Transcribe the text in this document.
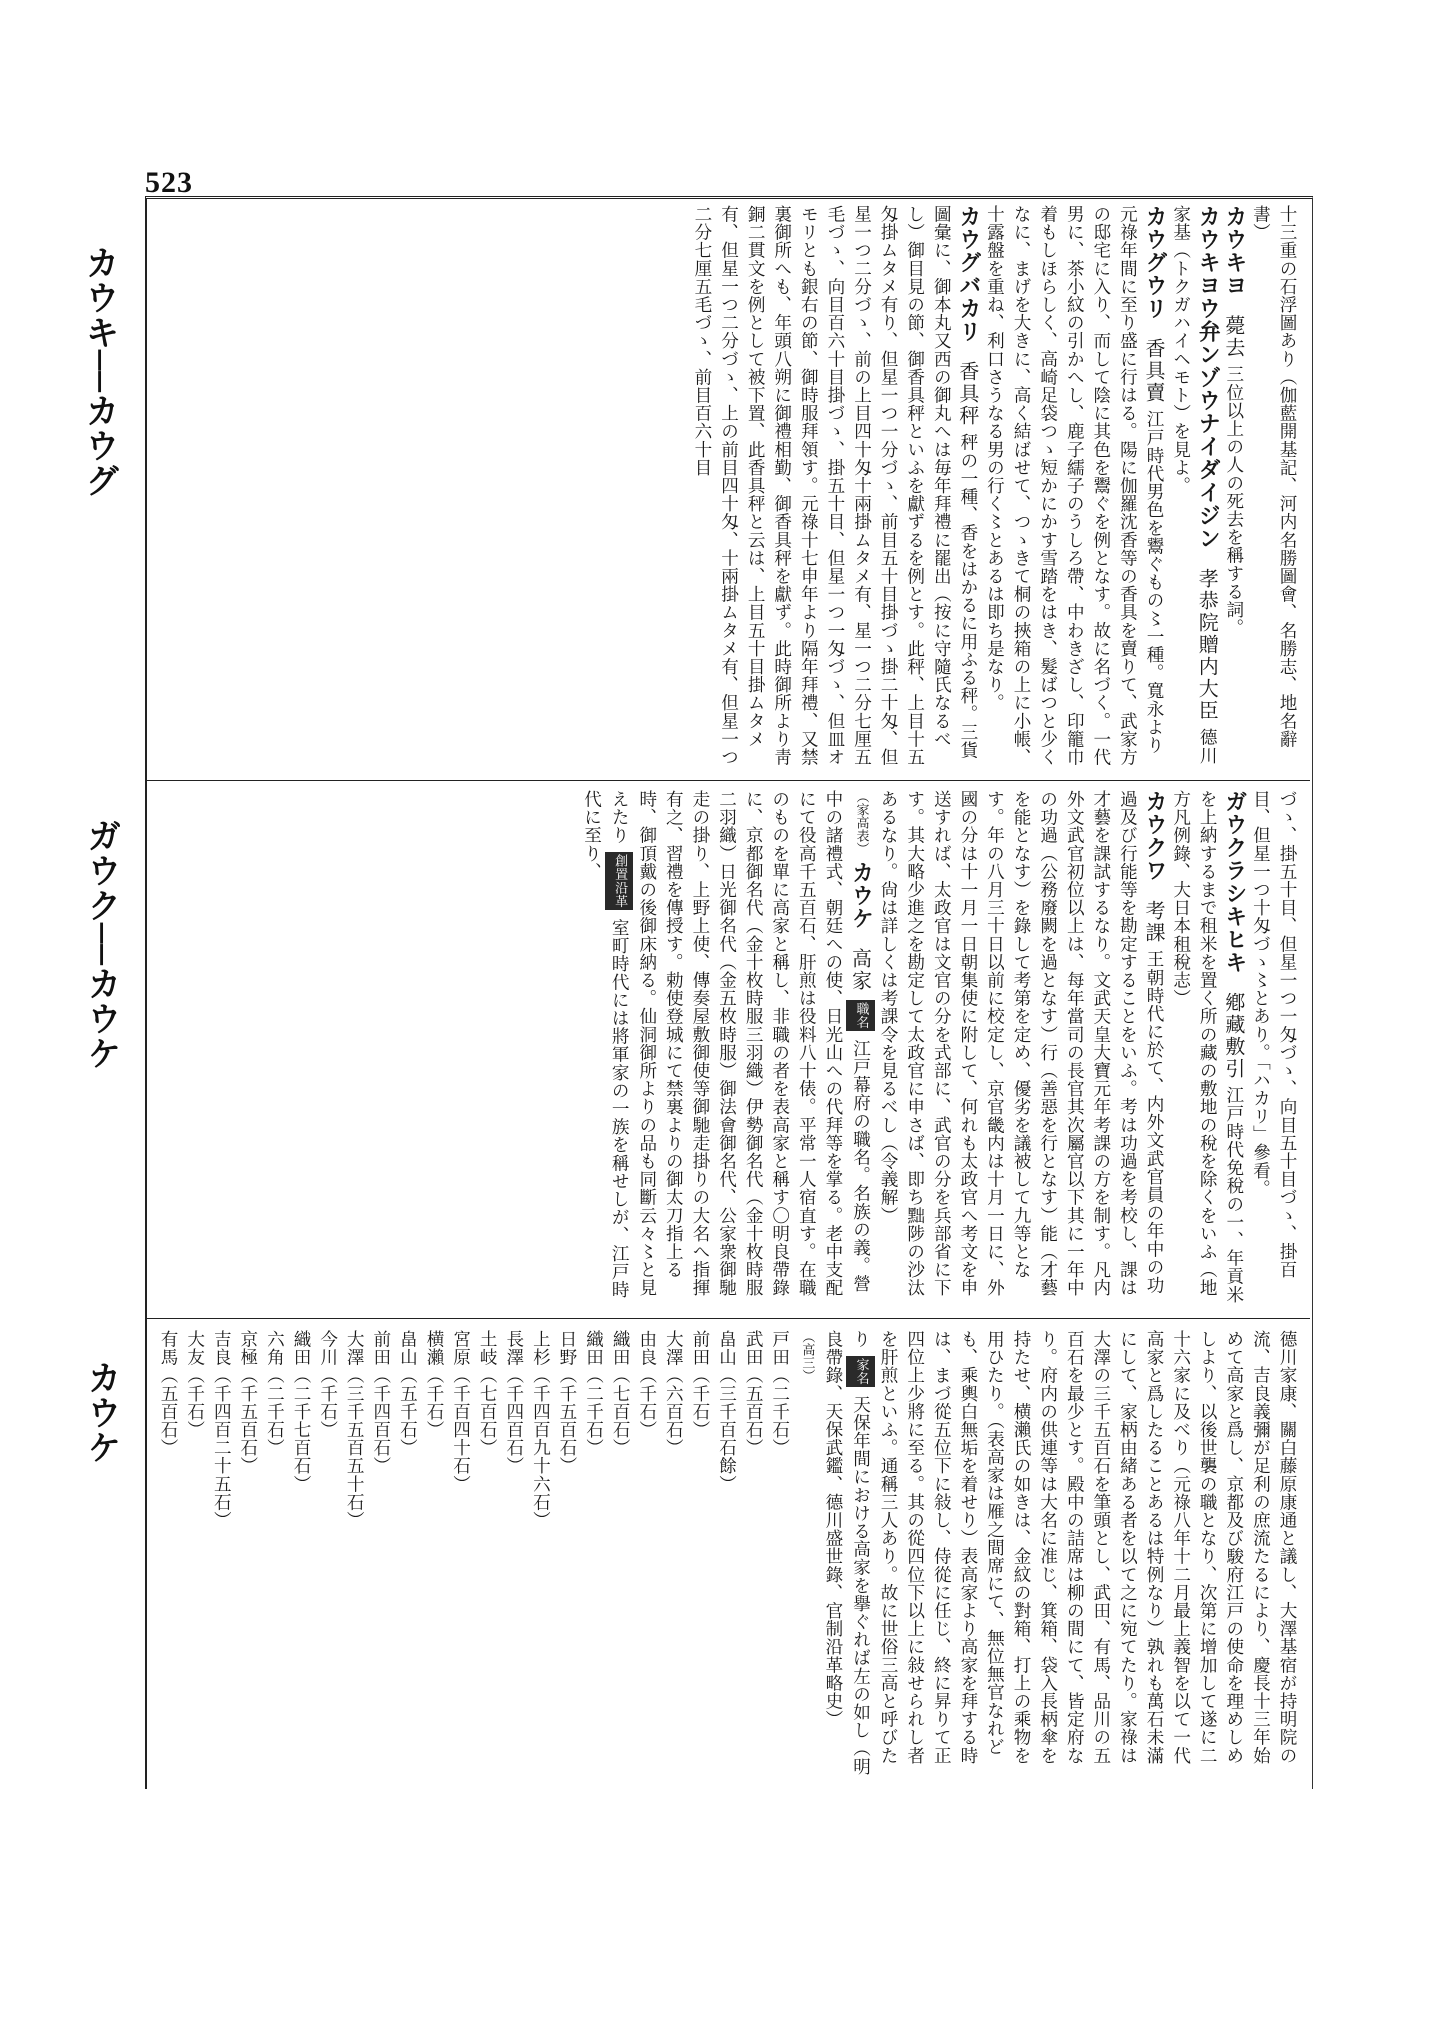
523
カウキ──カウグ
ガウク──カウケ
カウケ
十三重の石浮圖あり（伽藍開基記、河内名勝圖會、名勝志、地名辭書）
カウキヨ 薨去 三位以上の人の死去を稱する詞。
カウキヨウ弁ンゾウナイダイジン 孝恭院贈内大臣 德川家基（トクガハイヘモト）を見よ。
カウグウリ 香具賣 江戸時代男色を鬻ぐもの〻一種。寬永より元祿年間に至り盛に行はる。陽に伽羅沈香等の香具を賣りて、武家方の邸宅に入り、而して陰に其色を鬻ぐを例となす。故に名づく。一代男に、茶小紋の引かへし、鹿子繻子のうしろ帶、中わきざし、印籠巾着もしほらしく、高崎足袋つゝ短かにかす雪踏をはき、髮ばつと少くなに、まげを大きに、高く結ばせて、つゝきて桐の挾箱の上に小帳、十露盤を重ね、利口さうなる男の行く〻とあるは即ち是なり。
カウグバカリ 香具秤 秤の一種、香をはかるに用ふる秤。三貨圖彙に、御本丸又西の御丸へは毎年拜禮に罷出（按に守隨氏なるべし）御目見の節、御香具秤といふを獻ずるを例とす。此秤、上目十五匁掛ムタメ有り、但星一つ一分づゝ、前目五十目掛づゝ掛二十匁、但星一つ二分づゝ、前の上目四十匁十兩掛ムタメ有、星一つ二分七厘五毛づゝ、向目百六十目掛づゝ、掛五十目、但星一つ一匁づゝ、但皿オモリとも銀右の節、御時服拜領す。元祿十七申年より隔年拜禮、又禁裏御所へも、年頭八朔に御禮相勤、御香具秤を獻ず。此時御所より靑銅二貫文を例として被下置、此香具秤と云は、上目五十目掛ムタメ有、但星一つ二分づゝ、上の前目四十匁、十兩掛ムタメ有、但星一つ二分七厘五毛づゝ、前目百六十目
づゝ、掛五十目、但星一つ一匁づゝ、向目五十目づゝ、掛百目、但星一つ十匁づゝ〻とあり。「ハカリ」參看。
ガウクラシキヒキ 鄕藏敷引 江戸時代免稅の一、年貢米を上納するまで租米を置く所の藏の敷地の稅を除くをいふ（地方凡例錄、大日本租稅志）
カウクワ 考課 王朝時代に於て、内外文武官員の年中の功過及び行能等を勘定することをいふ。考は功過を考校し、課は才藝を課試するなり。文武天皇大寶元年考課の方を制す。凡内外文武官初位以上は、每年當司の長官其次屬官以下其に一年中の功過（公務廢闕を過となす）行（善惡を行となす）能（才藝を能となす）を錄して考第を定め、優劣を議被して九等となす。年の八月三十日以前に校定し、京官畿内は十月一日に、外國の分は十一月一日朝集使に附して、何れも太政官へ考文を申送すれば、太政官は文官の分を式部に、武官の分を兵部省に下す。其大略少進之を勘定して太政官に申さば、即ち黜陟の沙汰あるなり。尙は詳しくは考課令を見るべし（令義解）
（家高表） カウケ 高家 職名 江戸幕府の職名。名族の義。營中の諸禮式、朝廷への使、日光山への代拜等を掌る。老中支配にて役高千五百石、肝煎は役料八十俵。平常一人宿直す。在職のものを單に高家と稱し、非職の者を表高家と稱す〇明良帶錄に、京都御名代（金十枚時服三羽織）伊勢御名代（金十枚時服二羽織）日光御名代（金五枚時服）御法會御名代、公家衆御馳走の掛り、上野上使、傳奏屋敷御使等御馳走掛りの大名へ指揮有之、習禮を傳授す。勅使登城にて禁裏よりの御太刀指上る時、御頂戴の後御床納る。仙洞御所よりの品も同斷云々〻と見えたり 創置沿革 室町時代には將軍家の一族を稱せしが、江戸時代に至り、
德川家康、關白藤原康通と議し、大澤基宿が持明院の流、吉良義彌が足利の庶流たるにより、慶長十三年始めて高家と爲し、京都及び駿府江戸の使命を理めしめしより、以後世襲の職となり、次第に增加して遂に二十六家に及べり（元祿八年十二月最上義智を以て一代高家と爲したることあるは特例なり）孰れも萬石未滿にして、家柄由緒ある者を以て之に宛てたり。家祿は大澤の三千五百石を筆頭とし、武田、有馬、品川の五百石を最少とす。殿中の詰席は柳の間にて、皆定府なり。府内の供連等は大名に准じ、箕箱、袋入長柄傘を持たせ、横瀨氏の如きは、金紋の對箱、打上の乘物を用ひたり。（表高家は雁之間席にて、無位無官なれども、乘輿白無垢を着せり）表高家より高家を拜する時は、まづ從五位下に敍し、侍從に任じ、終に昇りて正四位上少將に至る。其の從四位下以上に敍せられし者を肝煎といふ。通稱三人あり。故に世俗三高と呼びたり 家名 天保年間における高家を擧ぐれば左の如し（明良帶錄、天保武鑑、德川盛世錄、官制沿革略史）
（高三）

戸田（二千石）
武田（五百石）
畠山（三千百石餘）
前田（千石）
大澤（六百石）
由良（千石）
織田（七百石）
織田（二千石）
日野（千五百石）
上杉（千四百九十六石）
長澤（千四百石）
土岐（七百石）
宮原（千百四十石）
横瀨（千石）
畠山（五千石）
前田（千四百石）
大澤（三千五百五十石）
今川（千石）
織田（二千七百石）
六角（二千石）
京極（千五百石）
吉良（千四百二十五石）
大友（千石）
有馬（五百石）
